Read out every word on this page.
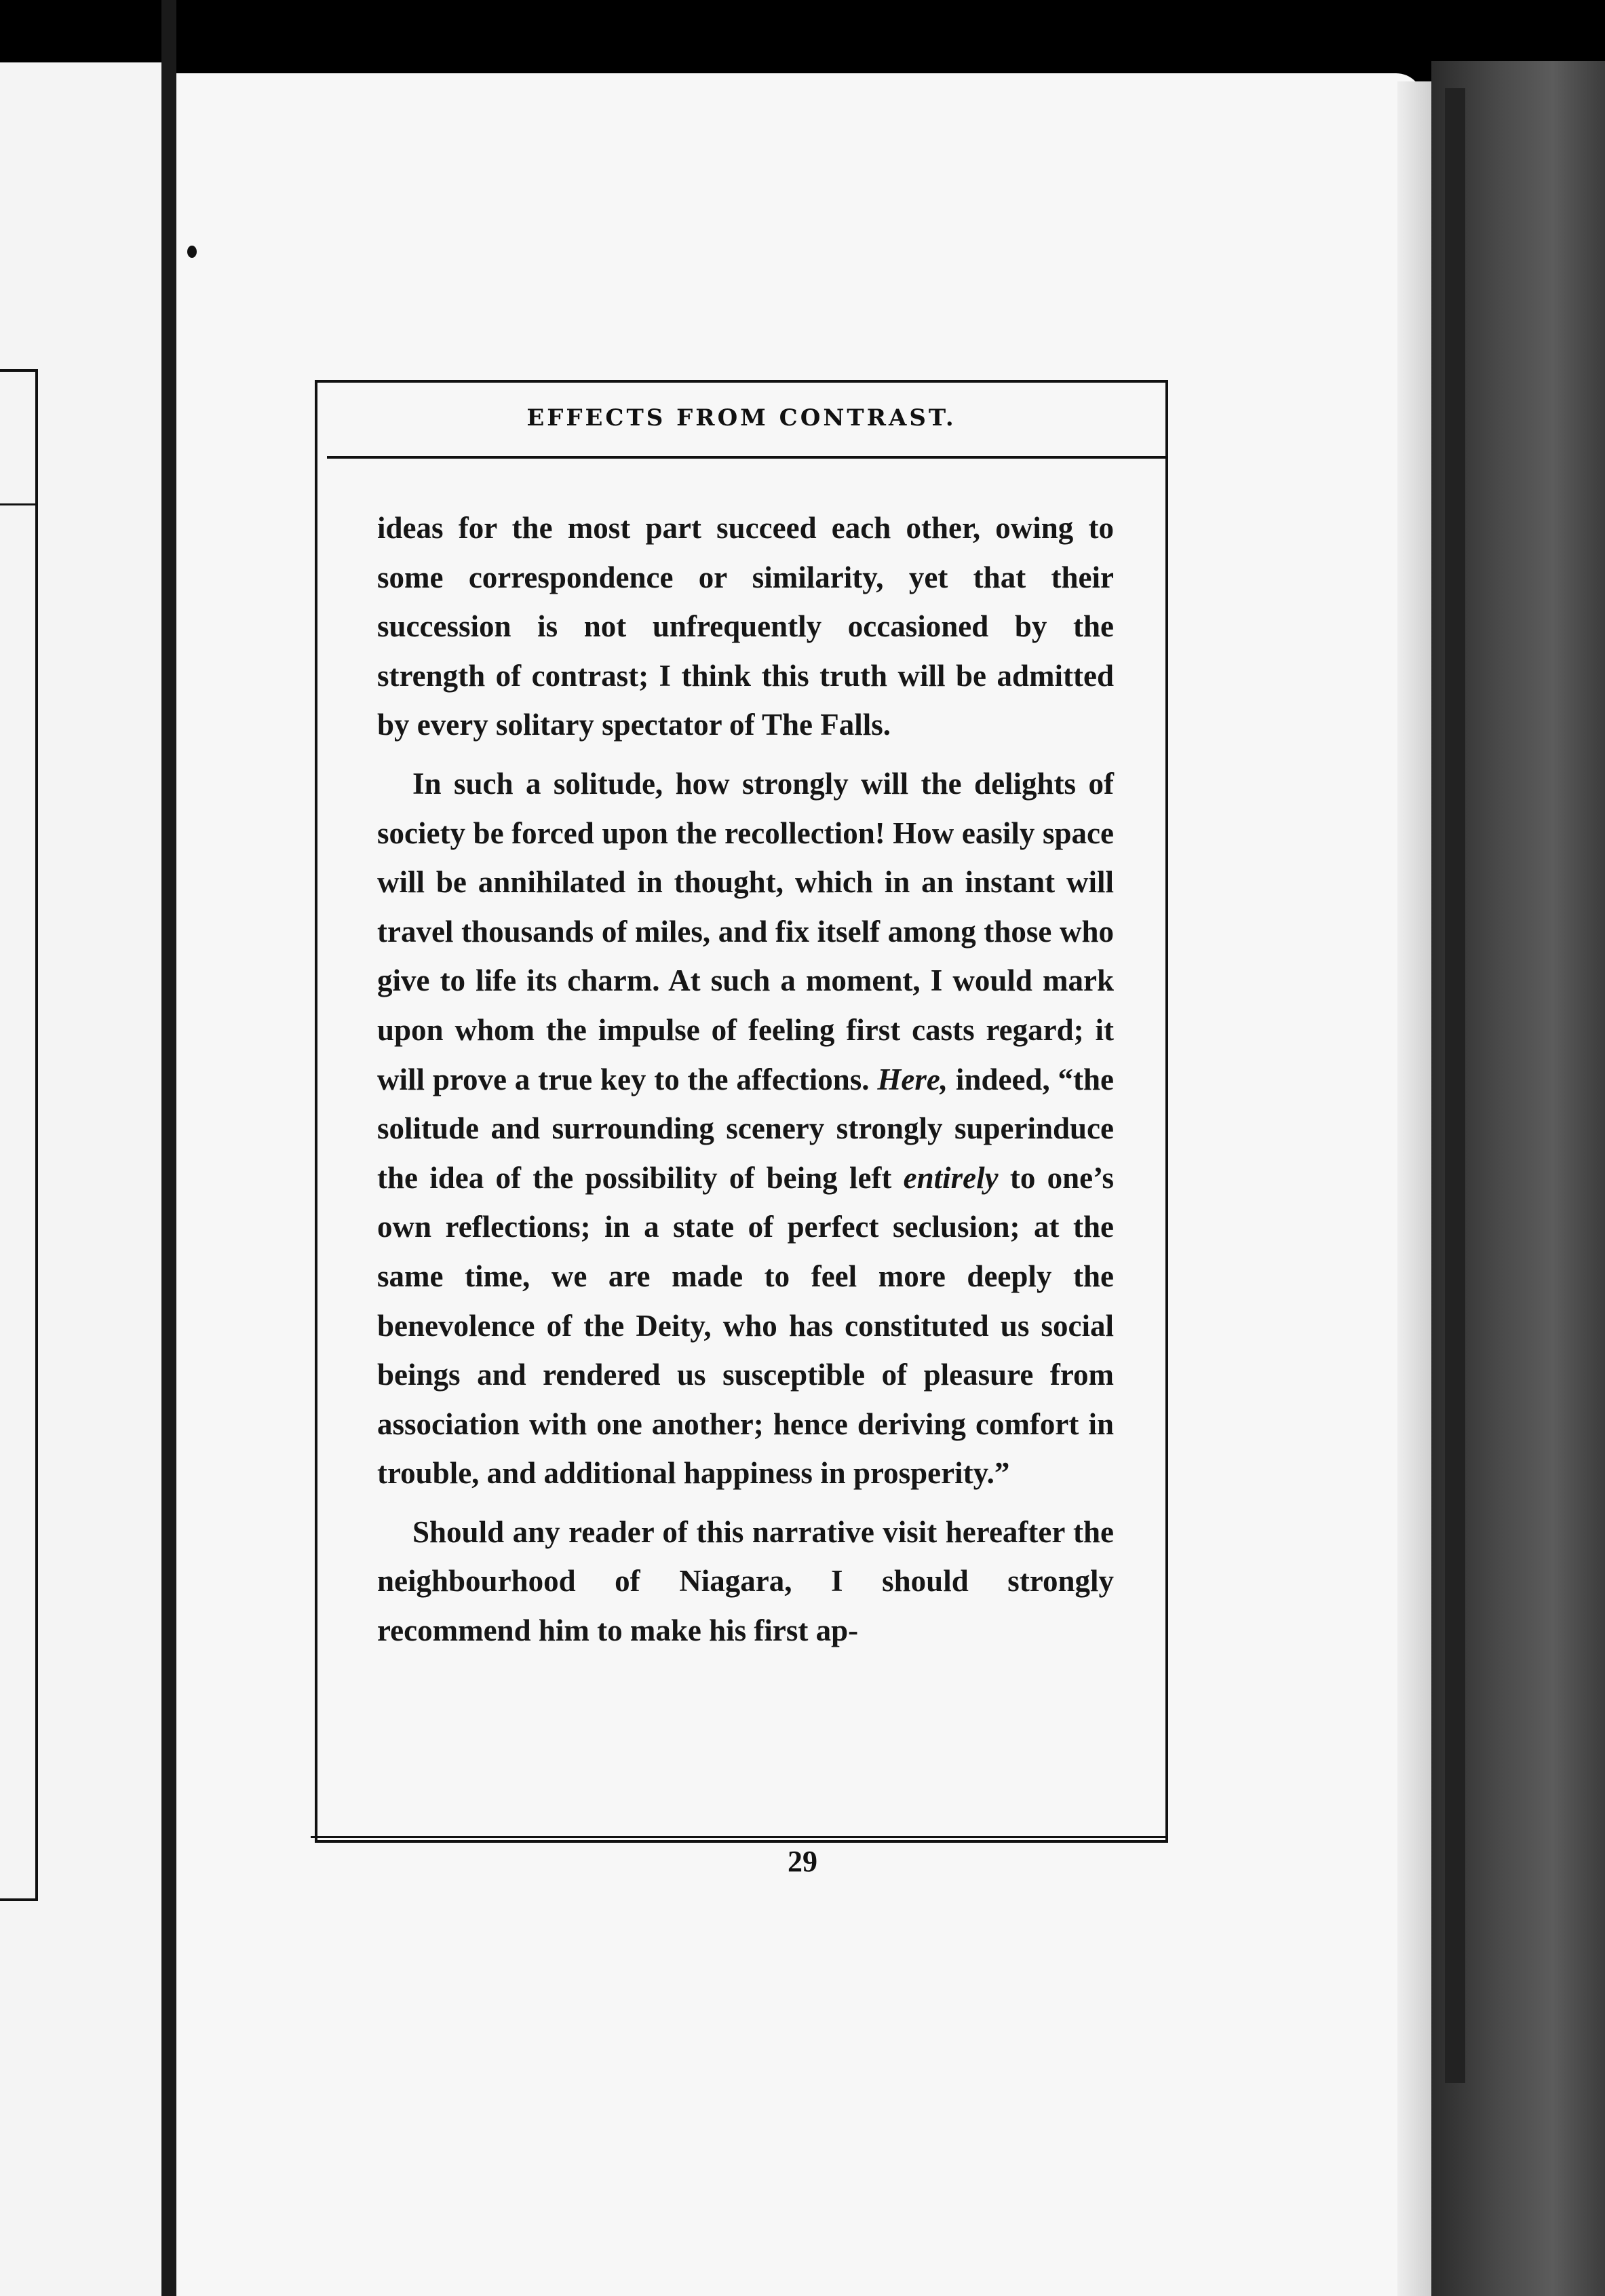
EFFECTS FROM CONTRAST.

ideas for the most part succeed each other, owing to some correspondence or similarity, yet that their succession is not unfrequently occasioned by the strength of contrast; I think this truth will be admitted by every solitary spectator of The Falls.

In such a solitude, how strongly will the delights of society be forced upon the recollection! How easily space will be annihilated in thought, which in an instant will travel thousands of miles, and fix itself among those who give to life its charm. At such a moment, I would mark upon whom the impulse of feeling first casts regard; it will prove a true key to the affections. Here, indeed, “the solitude and surrounding scenery strongly superinduce the idea of the possibility of being left entirely to one’s own reflections; in a state of perfect seclusion; at the same time, we are made to feel more deeply the benevolence of the Deity, who has constituted us social beings and rendered us susceptible of pleasure from association with one another; hence deriving comfort in trouble, and additional happiness in prosperity.”

Should any reader of this narrative visit hereafter the neighbourhood of Niagara, I should strongly recommend him to make his first ap-

29
